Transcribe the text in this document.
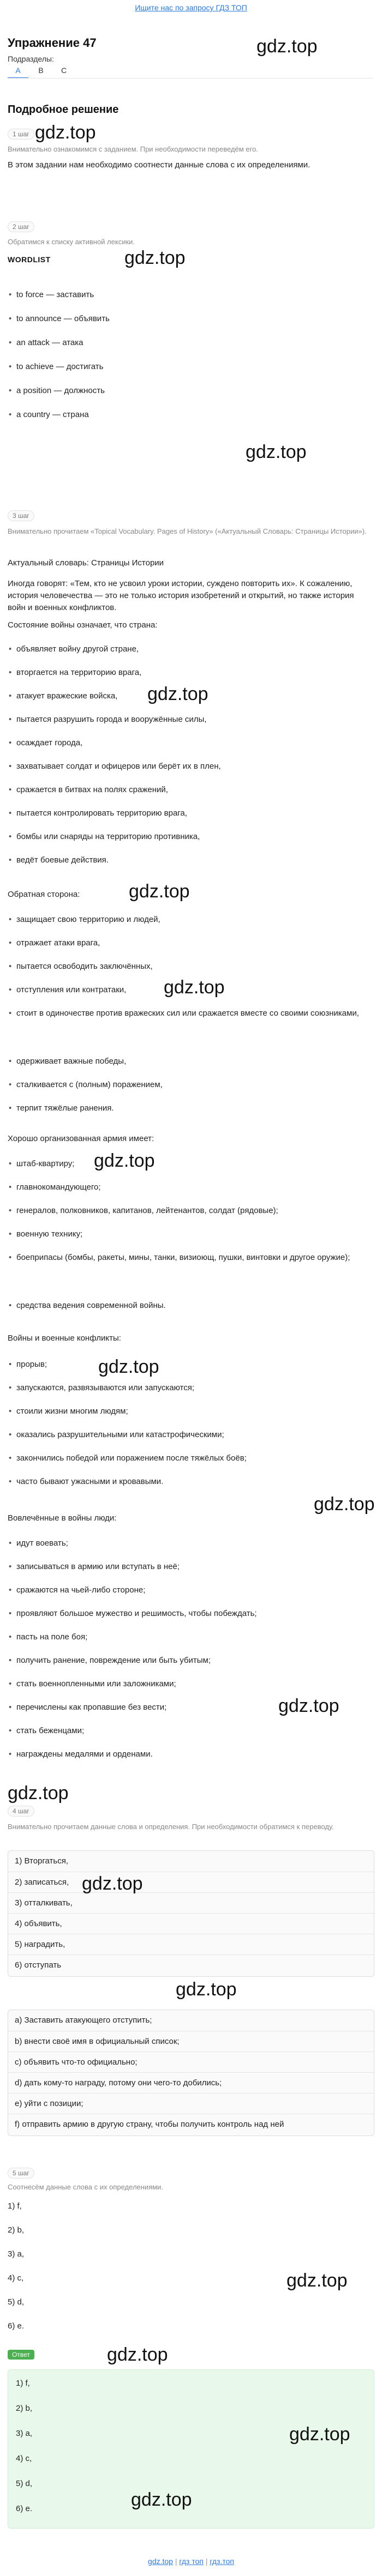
Ищите нас по запросу ГДЗ ТОП
Упражнение 47	gdz.top
Подразделы:
A	B	C
Подробное решение
1 шаг gdz.top
Внимательно ознакомимся с заданием. При необходимости переведём его.
В этом задании нам необходимо соотнести данные слова с их определениями.
2 шаг
Обратимся к списку активной лексики.
WORDLIST	gdz.top
• to force — заставить
• to announce — объявить
• an attack — атака
• to achieve — достигать
• a position — должность
• a country — страна
gdz.top
3 шаг
Внимательно прочитаем «Topical Vocabulary. Pages of History» («Актуальный Словарь: Страницы Истории»).
Актуальный словарь: Страницы Истории
Иногда говорят: «Тем, кто не усвоил уроки истории, суждено повторить их». К сожалению, история человечества — это не только история изобретений и открытий, но также история войн и военных конфликтов.
Состояние войны означает, что страна:
• объявляет войну другой стране,
• вторгается на территорию врага,
• атакует вражеские войска,	gdz.top
• пытается разрушить города и вооружённые силы,
• осаждает города,
• захватывает солдат и офицеров или берёт их в плен,
• сражается в битвах на полях сражений,
• пытается контролировать территорию врага,
• бомбы или снаряды на территорию противника,
• ведёт боевые действия.
Обратная сторона:	gdz.top
• защищает свою территорию и людей,
• отражает атаки врага,
• пытается освободить заключённых,
• отступления или контратаки,	gdz.top
• стоит в одиночестве против вражеских сил или сражается вместе со своими союзниками,
• одерживает важные победы,
• сталкивается с (полным) поражением,
• терпит тяжёлые ранения.
Хорошо организованная армия имеет:
gdz.top
• штаб-квартиру;
• главнокомандующего;
• генералов, полковников, капитанов, лейтенантов, солдат (рядовые);
• военную технику;
• боеприпасы (бомбы, ракеты, мины, танки, визиоющ, пушки, винтовки и другое оружие);
• средства ведения современной войны.
Войны и военные конфликты:
gdz.top
• прорыв;
• запускаются, развязываются или запускаются;
• стоили жизни многим людям;
• оказались разрушительными или катастрофическими;
• закончились победой или поражением после тяжёлых боёв;
• часто бывают ужасными и кровавыми.
gdz.top
Вовлечённые в войны люди:
• идут воевать;
• записываться в армию или вступать в неё;
• сражаются на чьей-либо стороне;
• проявляют большое мужество и решимость, чтобы побеждать;
• пасть на поле боя;
• получить ранение, повреждение или быть убитым;
• стать военнопленными или заложниками;
• перечислены как пропавшие без вести;	gdz.top
• стать беженцами;
• награждены медалями и орденами.
gdz.top
4 шаг
Внимательно прочитаем данные слова и определения. При необходимости обратимся к переводу.
1) Вторгаться,
2) записаться,
3) отталкивать,
4) объявить,
5) наградить,
6) отступать
gdz.top
gdz.top
a) Заставить атакующего отступить;
b) внести своё имя в официальный список;
c) объявить что-то официально;
d) дать кому-то награду, потому они чего-то добились;
e) уйти с позиции;
f) отправить армию в другую страну, чтобы получить контроль над ней
5 шаг
Соотнесём данные слова с их определениями.
1) f,
2) b,
3) a,
4) c,	gdz.top
5) d,
6) e.
Ответ	gdz.top
1) f,
2) b,
3) a,
4) c,
5) d,
6) e.
gdz.top
gdz.top
gdz.top | гдз топ | гдз.топ
